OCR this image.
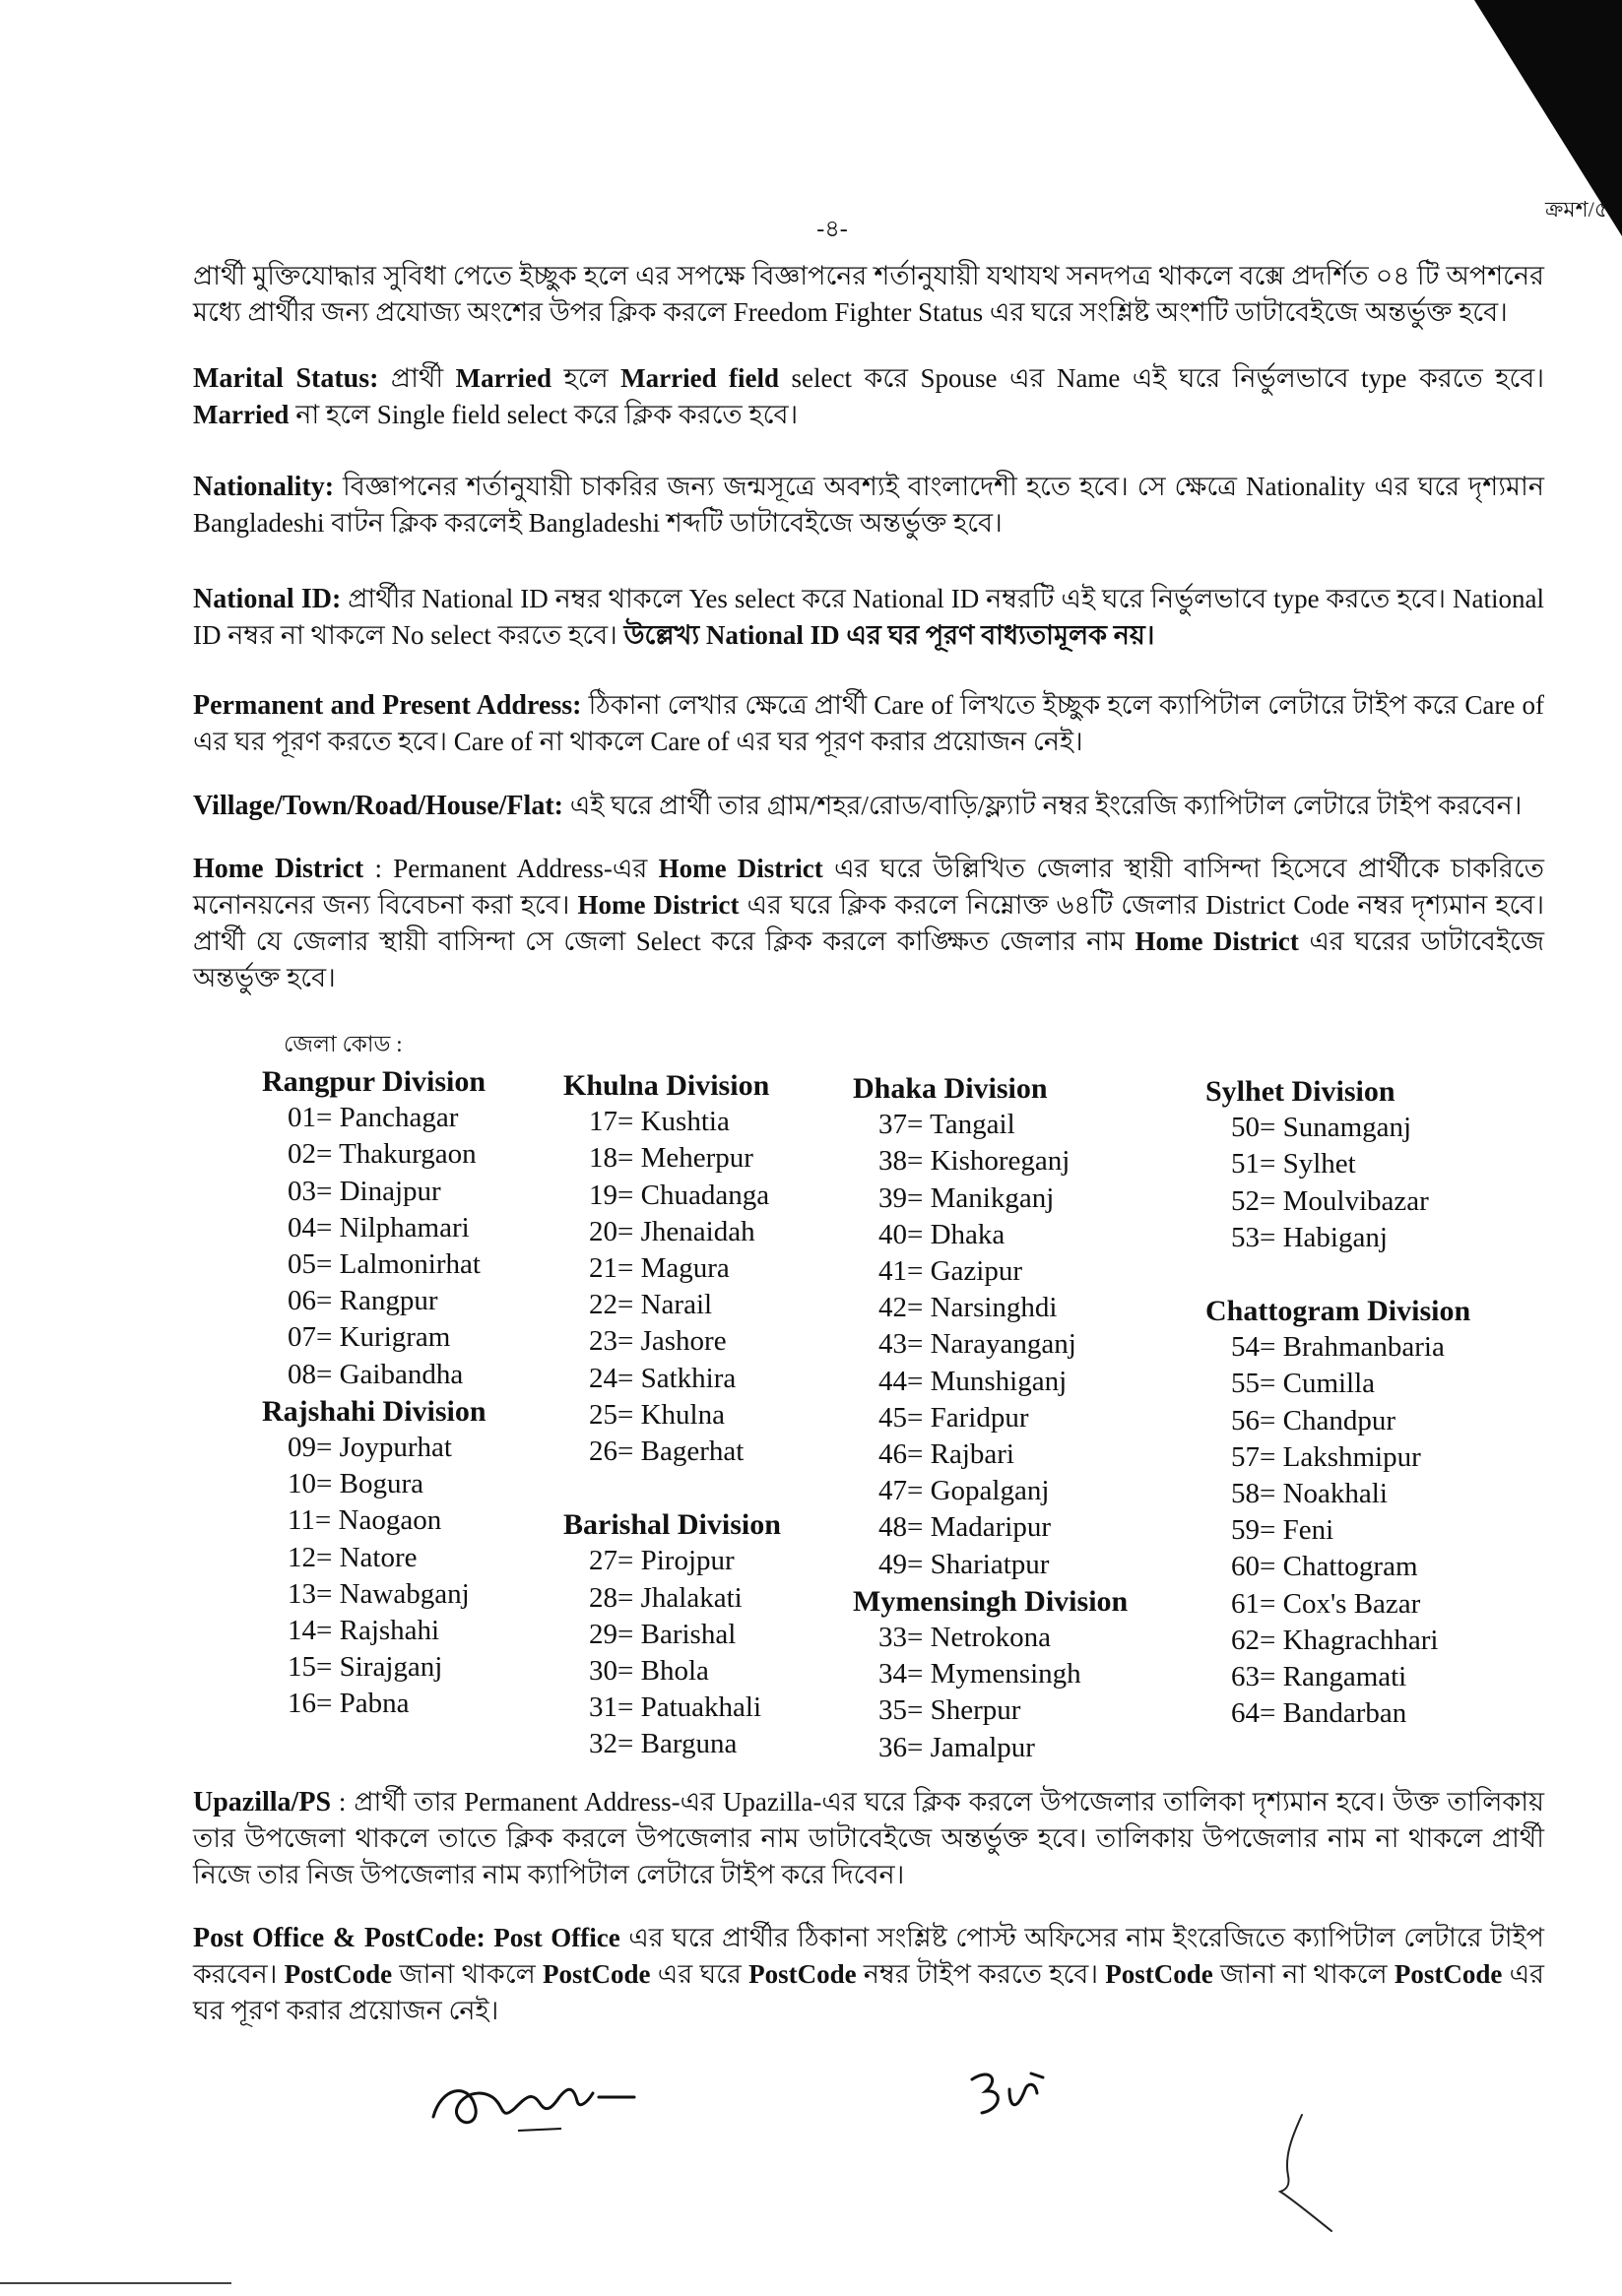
ক্রমশ/৫
-৪-

প্রার্থী মুক্তিযোদ্ধার সুবিধা পেতে ইচ্ছুক হলে এর সপক্ষে বিজ্ঞাপনের শর্তানুযায়ী যথাযথ সনদপত্র থাকলে বক্সে প্রদর্শিত ০৪ টি অপশনের মধ্যে প্রার্থীর জন্য প্রযোজ্য অংশের উপর ক্লিক করলে Freedom Fighter Status এর ঘরে সংশ্লিষ্ট অংশটি ডাটাবেইজে অন্তর্ভুক্ত হবে।

Marital Status: প্রার্থী Married হলে Married field select করে Spouse এর Name এই ঘরে নির্ভুলভাবে type করতে হবে। Married না হলে Single field select করে ক্লিক করতে হবে।

Nationality: বিজ্ঞাপনের শর্তানুযায়ী চাকরির জন্য জন্মসূত্রে অবশ্যই বাংলাদেশী হতে হবে। সে ক্ষেত্রে Nationality এর ঘরে দৃশ্যমান Bangladeshi বাটন ক্লিক করলেই Bangladeshi শব্দটি ডাটাবেইজে অন্তর্ভুক্ত হবে।

National ID: প্রার্থীর National ID নম্বর থাকলে Yes select করে National ID নম্বরটি এই ঘরে নির্ভুলভাবে type করতে হবে। National ID নম্বর না থাকলে No select করতে হবে। উল্লেখ্য National ID এর ঘর পূরণ বাধ্যতামূলক নয়।

Permanent and Present Address: ঠিকানা লেখার ক্ষেত্রে প্রার্থী Care of লিখতে ইচ্ছুক হলে ক্যাপিটাল লেটারে টাইপ করে Care of এর ঘর পূরণ করতে হবে। Care of না থাকলে Care of এর ঘর পূরণ করার প্রয়োজন নেই।

Village/Town/Road/House/Flat: এই ঘরে প্রার্থী তার গ্রাম/শহর/রোড/বাড়ি/ফ্ল্যাট নম্বর ইংরেজি ক্যাপিটাল লেটারে টাইপ করবেন।

Home District : Permanent Address-এর Home District এর ঘরে উল্লিখিত জেলার স্থায়ী বাসিন্দা হিসেবে প্রার্থীকে চাকরিতে মনোনয়নের জন্য বিবেচনা করা হবে। Home District এর ঘরে ক্লিক করলে নিম্নোক্ত ৬৪টি জেলার District Code নম্বর দৃশ্যমান হবে। প্রার্থী যে জেলার স্থায়ী বাসিন্দা সে জেলা Select করে ক্লিক করলে কাঙ্ক্ষিত জেলার নাম Home District এর ঘরের ডাটাবেইজে অন্তর্ভুক্ত হবে।

জেলা কোড :
Rangpur Division
01= Panchagar
02= Thakurgaon
03= Dinajpur
04= Nilphamari
05= Lalmonirhat
06= Rangpur
07= Kurigram
08= Gaibandha
Rajshahi Division
09= Joypurhat
10= Bogura
11= Naogaon
12= Natore
13= Nawabganj
14= Rajshahi
15= Sirajganj
16= Pabna
Khulna Division
17= Kushtia
18= Meherpur
19= Chuadanga
20= Jhenaidah
21= Magura
22= Narail
23= Jashore
24= Satkhira
25= Khulna
26= Bagerhat
Barishal Division
27= Pirojpur
28= Jhalakati
29= Barishal
30= Bhola
31= Patuakhali
32= Barguna
Dhaka Division
37= Tangail
38= Kishoreganj
39= Manikganj
40= Dhaka
41= Gazipur
42= Narsinghdi
43= Narayanganj
44= Munshiganj
45= Faridpur
46= Rajbari
47= Gopalganj
48= Madaripur
49= Shariatpur
Mymensingh Division
33= Netrokona
34= Mymensingh
35= Sherpur
36= Jamalpur
Sylhet Division
50= Sunamganj
51= Sylhet
52= Moulvibazar
53= Habiganj
Chattogram Division
54= Brahmanbaria
55= Cumilla
56= Chandpur
57= Lakshmipur
58= Noakhali
59= Feni
60= Chattogram
61= Cox's Bazar
62= Khagrachhari
63= Rangamati
64= Bandarban

Upazilla/PS : প্রার্থী তার Permanent Address-এর Upazilla-এর ঘরে ক্লিক করলে উপজেলার তালিকা দৃশ্যমান হবে। উক্ত তালিকায় তার উপজেলা থাকলে তাতে ক্লিক করলে উপজেলার নাম ডাটাবেইজে অন্তর্ভুক্ত হবে। তালিকায় উপজেলার নাম না থাকলে প্রার্থী নিজে তার নিজ উপজেলার নাম ক্যাপিটাল লেটারে টাইপ করে দিবেন।

Post Office & PostCode: Post Office এর ঘরে প্রার্থীর ঠিকানা সংশ্লিষ্ট পোস্ট অফিসের নাম ইংরেজিতে ক্যাপিটাল লেটারে টাইপ করবেন। PostCode জানা থাকলে PostCode এর ঘরে PostCode নম্বর টাইপ করতে হবে। PostCode জানা না থাকলে PostCode এর ঘর পূরণ করার প্রয়োজন নেই।
